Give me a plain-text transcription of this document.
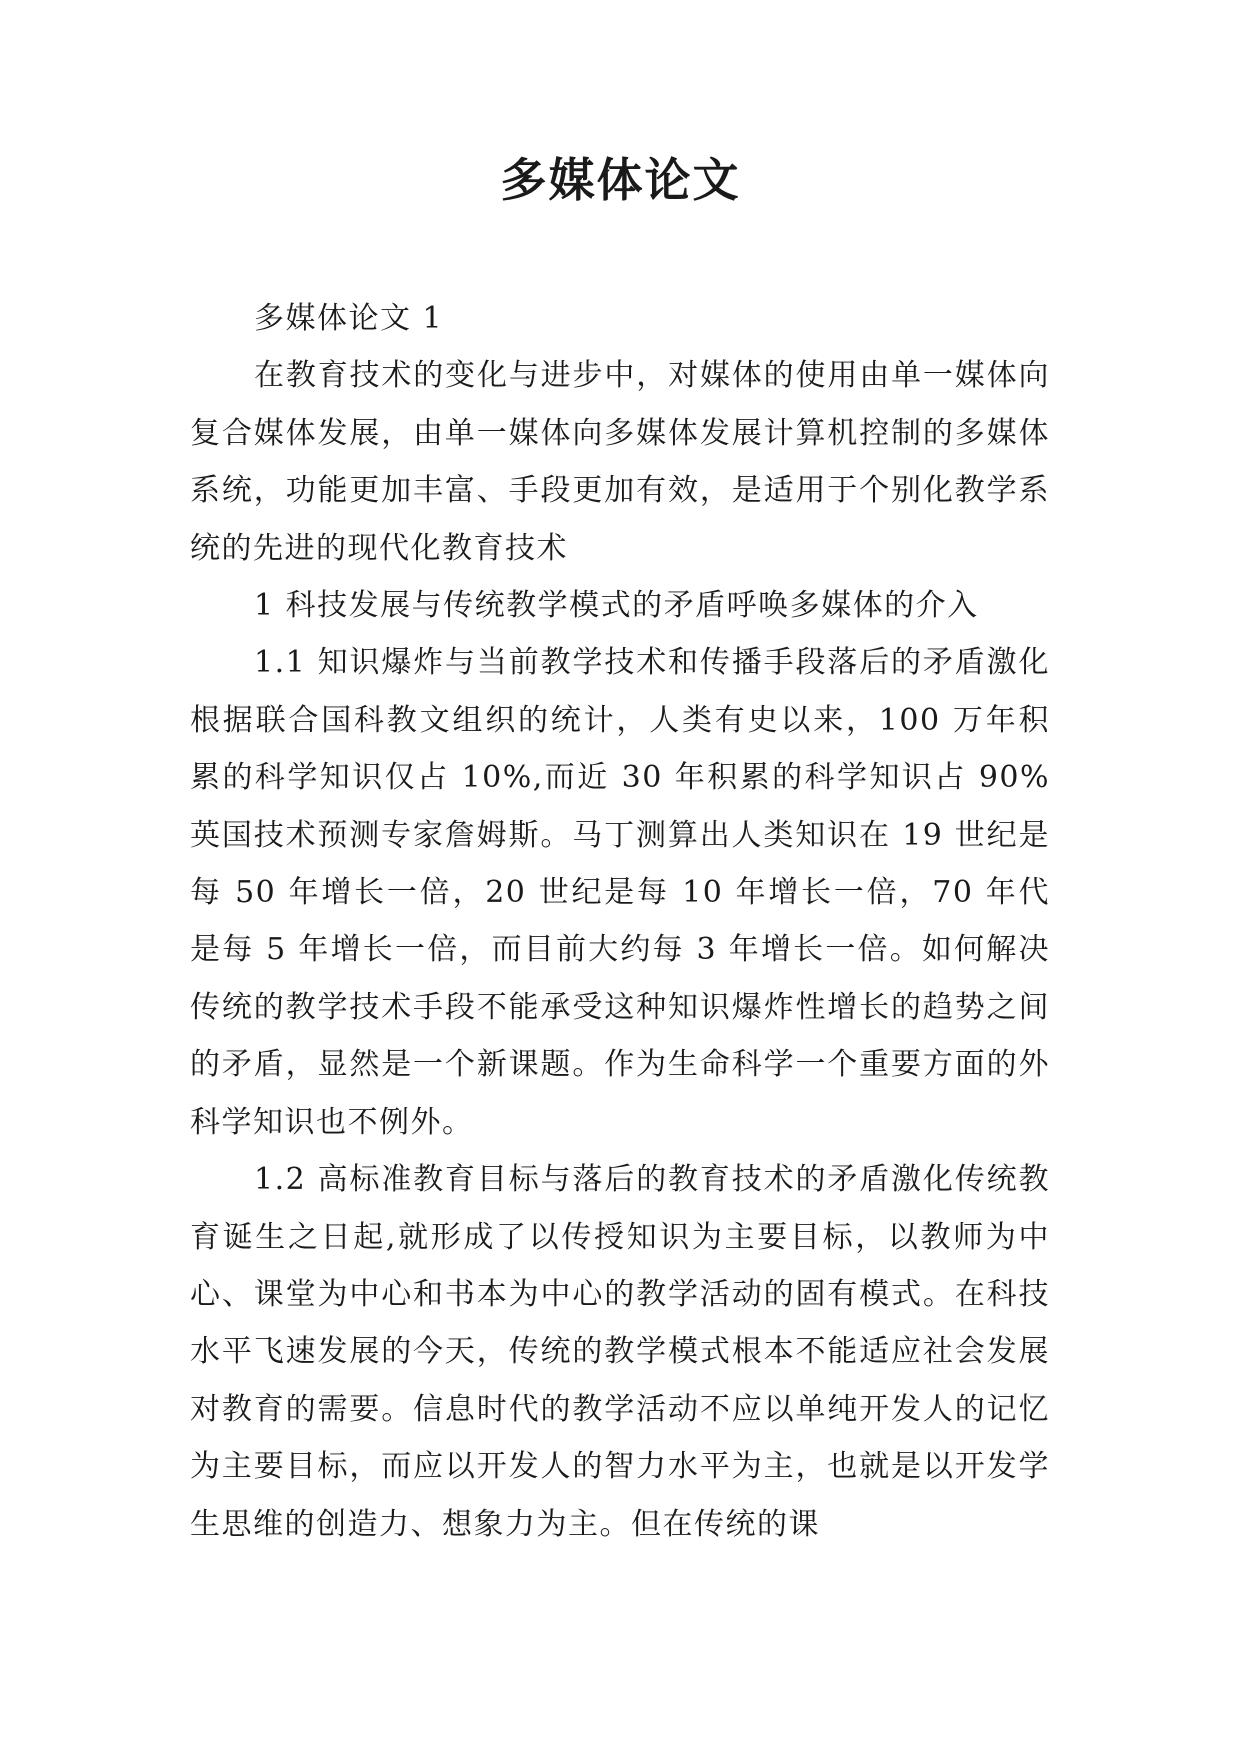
多媒体论文

多媒体论文 1

在教育技术的变化与进步中，对媒体的使用由单一媒体向复合媒体发展，由单一媒体向多媒体发展计算机控制的多媒体系统，功能更加丰富、手段更加有效，是适用于个别化教学系统的先进的现代化教育技术

1 科技发展与传统教学模式的矛盾呼唤多媒体的介入

1.1 知识爆炸与当前教学技术和传播手段落后的矛盾激化根据联合国科教文组织的统计，人类有史以来，100 万年积累的科学知识仅占 10%,而近 30 年积累的科学知识占 90%英国技术预测专家詹姆斯。马丁测算出人类知识在 19 世纪是每 50 年增长一倍，20 世纪是每 10 年增长一倍，70 年代是每 5 年增长一倍，而目前大约每 3 年增长一倍。如何解决传统的教学技术手段不能承受这种知识爆炸性增长的趋势之间的矛盾，显然是一个新课题。作为生命科学一个重要方面的外科学知识也不例外。

1.2 高标准教育目标与落后的教育技术的矛盾激化传统教育诞生之日起,就形成了以传授知识为主要目标，以教师为中心、课堂为中心和书本为中心的教学活动的固有模式。在科技水平飞速发展的今天，传统的教学模式根本不能适应社会发展对教育的需要。信息时代的教学活动不应以单纯开发人的记忆为主要目标，而应以开发人的智力水平为主，也就是以开发学生思维的创造力、想象力为主。但在传统的课
